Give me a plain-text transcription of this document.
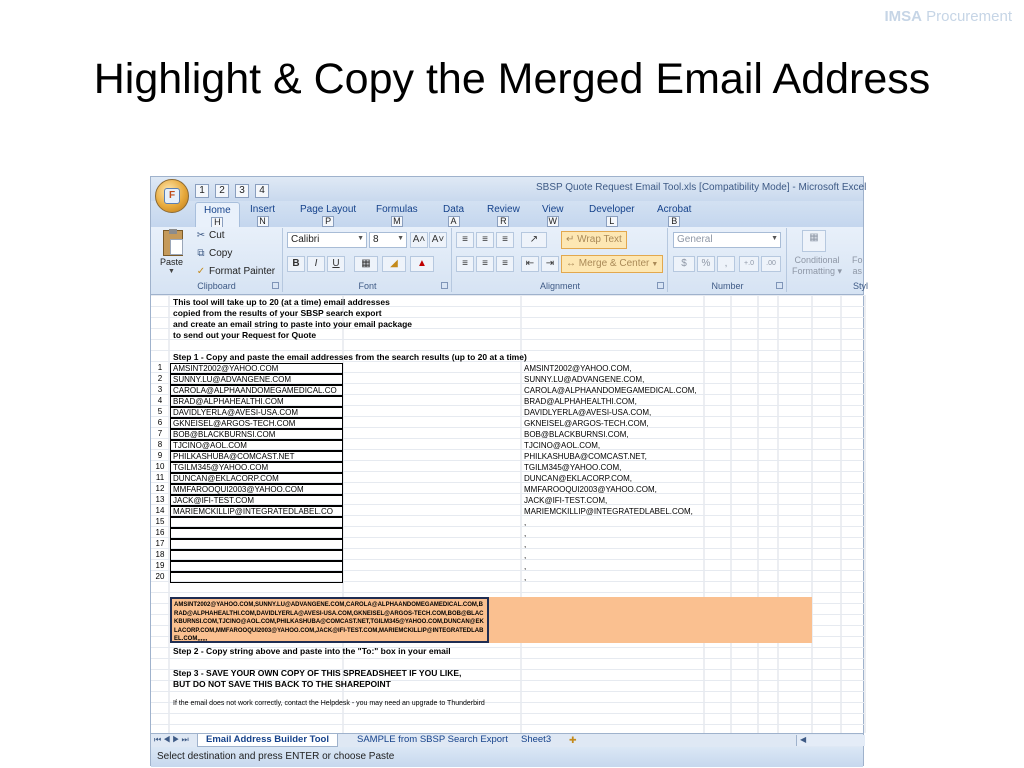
IMSA Procurement
Highlight & Copy the Merged Email Address
1 2 3 4	SBSP Quote Request Email Tool.xls [Compatibility Mode] - Microsoft Excel
F
Home
H
Insert
N
Page Layout
P
Formulas
M
Data
A
Review
R
View
W
Developer
L
Acrobat
B
Paste
▼
✂ Cut
⧉ Copy
✓ Format Painter
Clipboard
Calibri	▼ 8	▼ A˄ A˅
B	I	U	▦	◢	▲
Font
≡	≡	≡	↗	↵ Wrap Text
≡	≡	≡	⇤	⇥	↔ Merge & Center ▼
Alignment
General	▼
$	%	,	+.0	.00
Number
▦
Conditional
Formatting ▾
Fo
as
Styl
This tool will take up to 20 (at a time) email addresses
copied from the results of your SBSP search export
and create an email string to paste into your email package
to send out your Request for Quote
Step 1 - Copy and paste the email addresses from the search results (up to 20 at a time)
1	AMSINT2002@YAHOO.COM	AMSINT2002@YAHOO.COM,
2	SUNNY.LU@ADVANGENE.COM	SUNNY.LU@ADVANGENE.COM,
3	CAROLA@ALPHAANDOMEGAMEDICAL.CO	CAROLA@ALPHAANDOMEGAMEDICAL.COM,
4	BRAD@ALPHAHEALTHI.COM	BRAD@ALPHAHEALTHI.COM,
5	DAVIDLYERLA@AVESI-USA.COM	DAVIDLYERLA@AVESI-USA.COM,
6	GKNEISEL@ARGOS-TECH.COM	GKNEISEL@ARGOS-TECH.COM,
7	BOB@BLACKBURNSI.COM	BOB@BLACKBURNSI.COM,
8	TJCINO@AOL.COM	TJCINO@AOL.COM,
9	PHILKASHUBA@COMCAST.NET	PHILKASHUBA@COMCAST.NET,
10	TGILM345@YAHOO.COM	TGILM345@YAHOO.COM,
11	DUNCAN@EKLACORP.COM	DUNCAN@EKLACORP.COM,
12	MMFAROOQUI2003@YAHOO.COM	MMFAROOQUI2003@YAHOO.COM,
13	JACK@IFI-TEST.COM	JACK@IFI-TEST.COM,
14	MARIEMCKILLIP@INTEGRATEDLABEL.CO	MARIEMCKILLIP@INTEGRATEDLABEL.COM,
15	,
16	,
17	,
18	,
19	,
20	,
AMSINT2002@YAHOO.COM,SUNNY.LU@ADVANGENE.COM,CAROLA@ALPHAANDOMEGAMEDICAL.COM,BRAD@ALPHAHEALTHI.COM,DAVIDLYERLA@AVESI-USA.COM,GKNEISEL@ARGOS-TECH.COM,BOB@BLACKBURNSI.COM,TJCINO@AOL.COM,PHILKASHUBA@COMCAST.NET,TGILM345@YAHOO.COM,DUNCAN@EKLACORP.COM,MMFAROOQUI2003@YAHOO.COM,JACK@IFI-TEST.COM,MARIEMCKILLIP@INTEGRATEDLABEL.COM,,,,,,
Step 2 - Copy string above and paste into the "To:" box in your email
Step 3 - SAVE YOUR OWN COPY OF THIS SPREADSHEET IF YOU LIKE,
BUT DO NOT SAVE THIS BACK TO THE SHAREPOINT
If the email does not work correctly, contact the Helpdesk - you may need an upgrade to Thunderbird
⏮◀▶⏭	Email Address Builder Tool	SAMPLE from SBSP Search Export	Sheet3	✚	◀
Select destination and press ENTER or choose Paste
